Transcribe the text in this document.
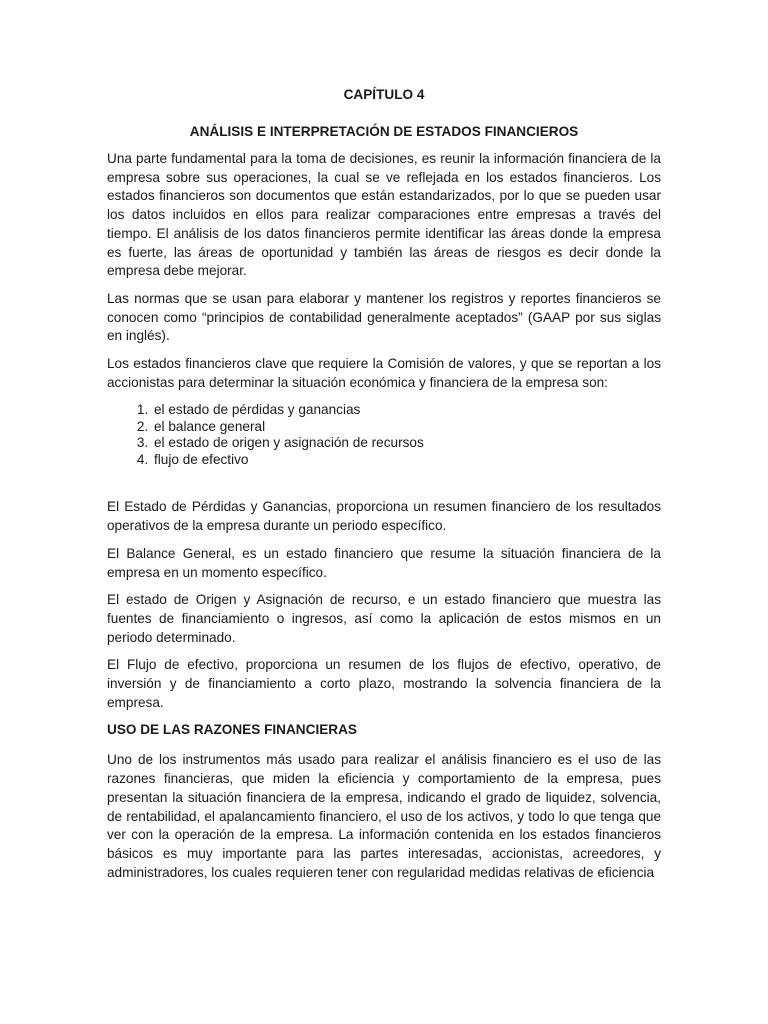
CAPÍTULO 4
ANÁLISIS E INTERPRETACIÓN DE ESTADOS FINANCIEROS

Una parte fundamental para la toma de decisiones, es reunir la información financiera de la empresa sobre sus operaciones, la cual se ve reflejada en los estados financieros. Los estados financieros son documentos que están estandarizados, por lo que se pueden usar los datos incluidos en ellos para realizar comparaciones entre empresas a través del tiempo. El análisis de los datos financieros permite identificar las áreas donde la empresa es fuerte, las áreas de oportunidad y también las áreas de riesgos es decir donde la empresa debe mejorar.

Las normas que se usan para elaborar y mantener los registros y reportes financieros se conocen como “principios de contabilidad generalmente aceptados” (GAAP por sus siglas en inglés).

Los estados financieros clave que requiere la Comisión de valores, y que se reportan a los accionistas para determinar la situación económica y financiera de la empresa son:

1. el estado de pérdidas y ganancias
2. el balance general
3. el estado de origen y asignación de recursos
4. flujo de efectivo

El Estado de Pérdidas y Ganancias, proporciona un resumen financiero de los resultados operativos de la empresa durante un periodo específico.

El Balance General, es un estado financiero que resume la situación financiera de la empresa en un momento específico.

El estado de Origen y Asignación de recurso, e un estado financiero que muestra las fuentes de financiamiento o ingresos, así como la aplicación de estos mismos en un periodo determinado.

El Flujo de efectivo, proporciona un resumen de los flujos de efectivo, operativo, de inversión y de financiamiento a corto plazo, mostrando la solvencia financiera de la empresa.

USO DE LAS RAZONES FINANCIERAS

Uno de los instrumentos más usado para realizar el análisis financiero es el uso de las razones financieras, que miden la eficiencia y comportamiento de la empresa, pues presentan la situación financiera de la empresa, indicando el grado de liquidez, solvencia, de rentabilidad, el apalancamiento financiero, el uso de los activos, y todo lo que tenga que ver con la operación de la empresa. La información contenida en los estados financieros básicos es muy importante para las partes interesadas, accionistas, acreedores, y administradores, los cuales requieren tener con regularidad medidas relativas de eficiencia
